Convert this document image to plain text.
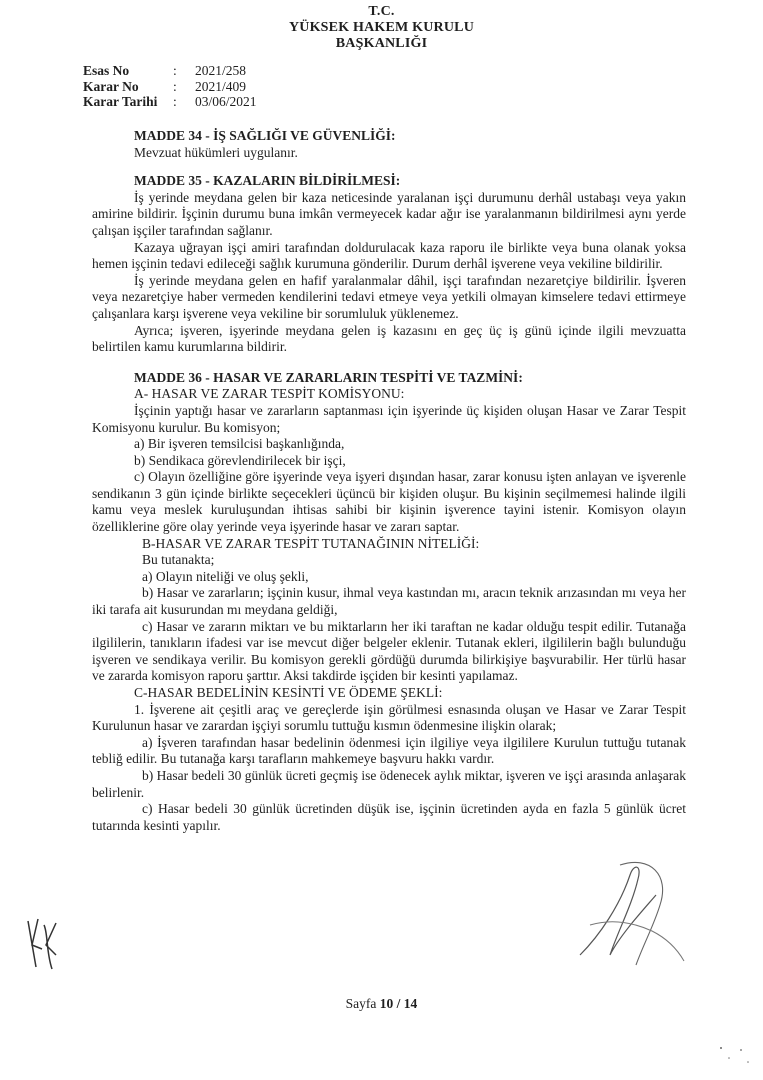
T.C.
YÜKSEK HAKEM KURULU
BAŞKANLIĞI
Esas No	:	2021/258
Karar No	:	2021/409
Karar Tarihi	:	03/06/2021

MADDE 34 - İŞ SAĞLIĞI VE GÜVENLİĞİ:

Mevzuat hükümleri uygulanır.

MADDE 35 - KAZALARIN BİLDİRİLMESİ:

İş yerinde meydana gelen bir kaza neticesinde yaralanan işçi durumunu derhâl ustabaşı veya yakın amirine bildirir. İşçinin durumu buna imkân vermeyecek kadar ağır ise yaralanmanın bildirilmesi aynı yerde çalışan işçiler tarafından sağlanır.

Kazaya uğrayan işçi amiri tarafından doldurulacak kaza raporu ile birlikte veya buna olanak yoksa hemen işçinin tedavi edileceği sağlık kurumuna gönderilir. Durum derhâl işverene veya vekiline bildirilir.

İş yerinde meydana gelen en hafif yaralanmalar dâhil, işçi tarafından nezaretçiye bildirilir. İşveren veya nezaretçiye haber vermeden kendilerini tedavi etmeye veya yetkili olmayan kimselere tedavi ettirmeye çalışanlara karşı işverene veya vekiline bir sorumluluk yüklenemez.

Ayrıca; işveren, işyerinde meydana gelen iş kazasını en geç üç iş günü içinde ilgili mevzuatta belirtilen kamu kurumlarına bildirir.

MADDE 36 - HASAR VE ZARARLARIN TESPİTİ VE TAZMİNİ:

A- HASAR VE ZARAR TESPİT KOMİSYONU:

İşçinin yaptığı hasar ve zararların saptanması için işyerinde üç kişiden oluşan Hasar ve Zarar Tespit Komisyonu kurulur. Bu komisyon;

a) Bir işveren temsilcisi başkanlığında,

b) Sendikaca görevlendirilecek bir işçi,

c) Olayın özelliğine göre işyerinde veya işyeri dışından hasar, zarar konusu işten anlayan ve işverenle sendikanın 3 gün içinde birlikte seçecekleri üçüncü bir kişiden oluşur. Bu kişinin seçilmemesi halinde ilgili kamu veya meslek kuruluşundan ihtisas sahibi bir kişinin işverence tayini istenir. Komisyon olayın özelliklerine göre olay yerinde veya işyerinde hasar ve zararı saptar.

B-HASAR VE ZARAR TESPİT TUTANAĞININ NİTELİĞİ:

Bu tutanakta;

a) Olayın niteliği ve oluş şekli,

b) Hasar ve zararların; işçinin kusur, ihmal veya kastından mı, aracın teknik arızasından mı veya her iki tarafa ait kusurundan mı meydana geldiği,

c) Hasar ve zararın miktarı ve bu miktarların her iki taraftan ne kadar olduğu tespit edilir. Tutanağa ilgililerin, tanıkların ifadesi var ise mevcut diğer belgeler eklenir. Tutanak ekleri, ilgililerin bağlı bulunduğu işveren ve sendikaya verilir. Bu komisyon gerekli gördüğü durumda bilirkişiye başvurabilir. Her türlü hasar ve zararda komisyon raporu şarttır. Aksi takdirde işçiden bir kesinti yapılamaz.

C-HASAR BEDELİNİN KESİNTİ VE ÖDEME ŞEKLİ:

1. İşverene ait çeşitli araç ve gereçlerde işin görülmesi esnasında oluşan ve Hasar ve Zarar Tespit Kurulunun hasar ve zarardan işçiyi sorumlu tuttuğu kısmın ödenmesine ilişkin olarak;

a) İşveren tarafından hasar bedelinin ödenmesi için ilgiliye veya ilgililere Kurulun tuttuğu tutanak tebliğ edilir. Bu tutanağa karşı tarafların mahkemeye başvuru hakkı vardır.

b) Hasar bedeli 30 günlük ücreti geçmiş ise ödenecek aylık miktar, işveren ve işçi arasında anlaşarak belirlenir.

c) Hasar bedeli 30 günlük ücretinden düşük ise, işçinin ücretinden ayda en fazla 5 günlük ücret tutarında kesinti yapılır.

Sayfa 10 / 14
